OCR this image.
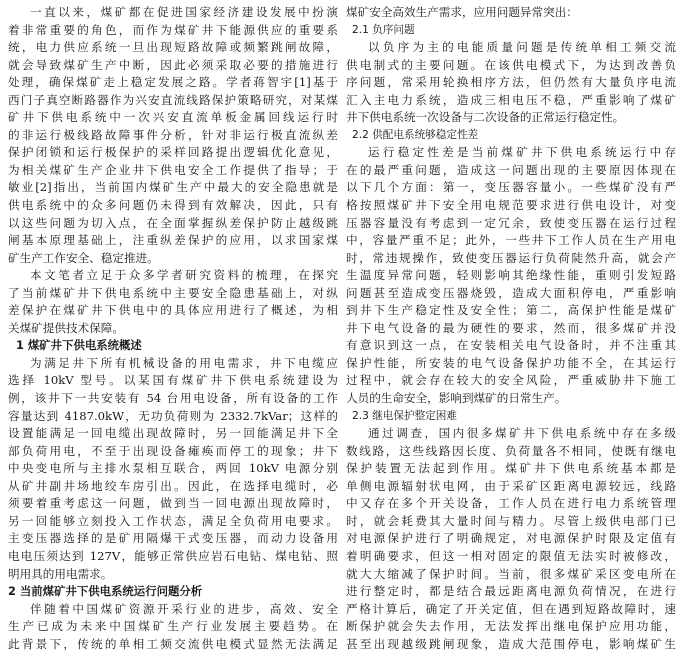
一直以来，煤矿都在促进国家经济建设发展中扮演
着非常重要的角色，而作为煤矿井下能源供应的重要系
统，电力供应系统一旦出现短路故障或频繁跳闸故障，
就会导致煤矿生产中断，因此必须采取必要的措施进行
处理，确保煤矿走上稳定发展之路。学者蒋智宇[1]基于
西门子真空断路器作为兴安直流线路保护策略研究，对某煤
矿井下供电系统中一次兴安直流单板金属回线运行时
的非运行极线路故障事件分析，针对非运行极直流纵差
保护闭锁和运行极保护的采样回路提出逻辑优化意见，
为相关煤矿生产企业井下供电安全工作提供了指导；于
敏业[2]指出，当前国内煤矿生产中最大的安全隐患就是
供电系统中的众多问题仍未得到有效解决，因此，只有
以这些问题为切入点，在全面掌握纵差保护防止越级跳
闸基本原理基础上，注重纵差保护的应用，以求国家煤
矿生产工作安全、稳定推进。
本文笔者立足于众多学者研究资料的梳理，在探究
了当前煤矿井下供电系统中主要安全隐患基础上，对纵
差保护在煤矿井下供电中的具体应用进行了概述，为相
关煤矿提供技术保障。
1 煤矿井下供电系统概述
为满足井下所有机械设备的用电需求，井下电缆应
选择 10kV 型号。以某国有煤矿井下供电系统建设为
例，该井下一共安装有 54 台用电设备，所有设备的工作
容量达到 4187.0kW，无功负荷则为 2332.7kVar；这样的
设置能满足一回电缆出现故障时，另一回能满足井下全
部负荷用电，不至于出现设备瘫痪而停工的现象；井下
中央变电所与主排水泵相互联合，两回 10kV 电源分别
从矿井副井场地绞车房引出。因此，在选择电缆时，必
须要着重考虑这一问题，做到当一回电源出现故障时，
另一回能够立刻投入工作状态，满足全负荷用电要求。
主变压器选择的是矿用隔爆干式变压器，而动力设备用
电电压须达到 127V，能够正常供应岩石电钻、煤电钻、照
明用具的用电需求。
2 当前煤矿井下供电系统运行问题分析
伴随着中国煤矿资源开采行业的进步，高效、安全
生产已成为未来中国煤矿生产行业发展主要趋势。在
此背景下，传统的单相工频交流供电模式显然无法满足
煤矿安全高效生产需求，应用问题异常突出：
2.1 负序问题
以负序为主的电能质量问题是传统单相工频交流
供电制式的主要问题。在该供电模式下，为达到改善负
序问题，常采用轮换相序方法，但仍然有大量负序电流
汇入主电力系统，造成三相电压不稳，严重影响了煤矿
井下供电系统一次设备与二次设备的正常运行稳定性。
2.2 供配电系统够稳定性差
运行稳定性差是当前煤矿井下供电系统运行中存
在的最严重问题，造成这一问题出现的主要原因体现在
以下几个方面：第一，变压器容量小。一些煤矿没有严
格按照煤矿井下安全用电规范要求进行供电设计，对变
压器容量没有考虑到一定冗余，致使变压器在运行过程
中，容量严重不足；此外，一些井下工作人员在生产用电
时，常违规操作，致使变压器运行负荷陡然升高，就会产
生温度异常问题，轻则影响其绝缘性能，重则引发短路
问题甚至造成变压器烧毁，造成大面积停电，严重影响
到井下生产稳定性及安全性；第二，高保护性能是煤矿
井下电气设备的最为硬性的要求，然而，很多煤矿并没
有意识到这一点，在安装相关电气设备时，并不注重其
保护性能，所安装的电气设备保护功能不全，在其运行
过程中，就会存在较大的安全风险，严重威胁井下施工
人员的生命安全，影响到煤矿的日常生产。
2.3 继电保护整定困难
通过调查，国内很多煤矿井下供电系统中存在多级
数线路，这些线路因长度、负荷量各不相同，使既有继电
保护装置无法起到作用。煤矿井下供电系统基本都是
单侧电源辐射状电网，由于采矿区距离电源较远，线路
中又存在多个开关设备，工作人员在进行电力系统管理
时，就会耗费其大量时间与精力。尽管上级供电部门已
对电源保护进行了明确规定，对电源保护时限及定值有
着明确要求，但这一相对固定的限值无法实时被修改，
就大大缩减了保护时间。当前，很多煤矿采区变电所在
进行整定时，都是结合最远距离电源负荷情况，在进行
严格计算后，确定了开关定值，但在遇到短路故障时，速
断保护就会失去作用，无法发挥出继电保护应用功能，
甚至出现越级跳闸现象，造成大范围停电，影响煤矿生
